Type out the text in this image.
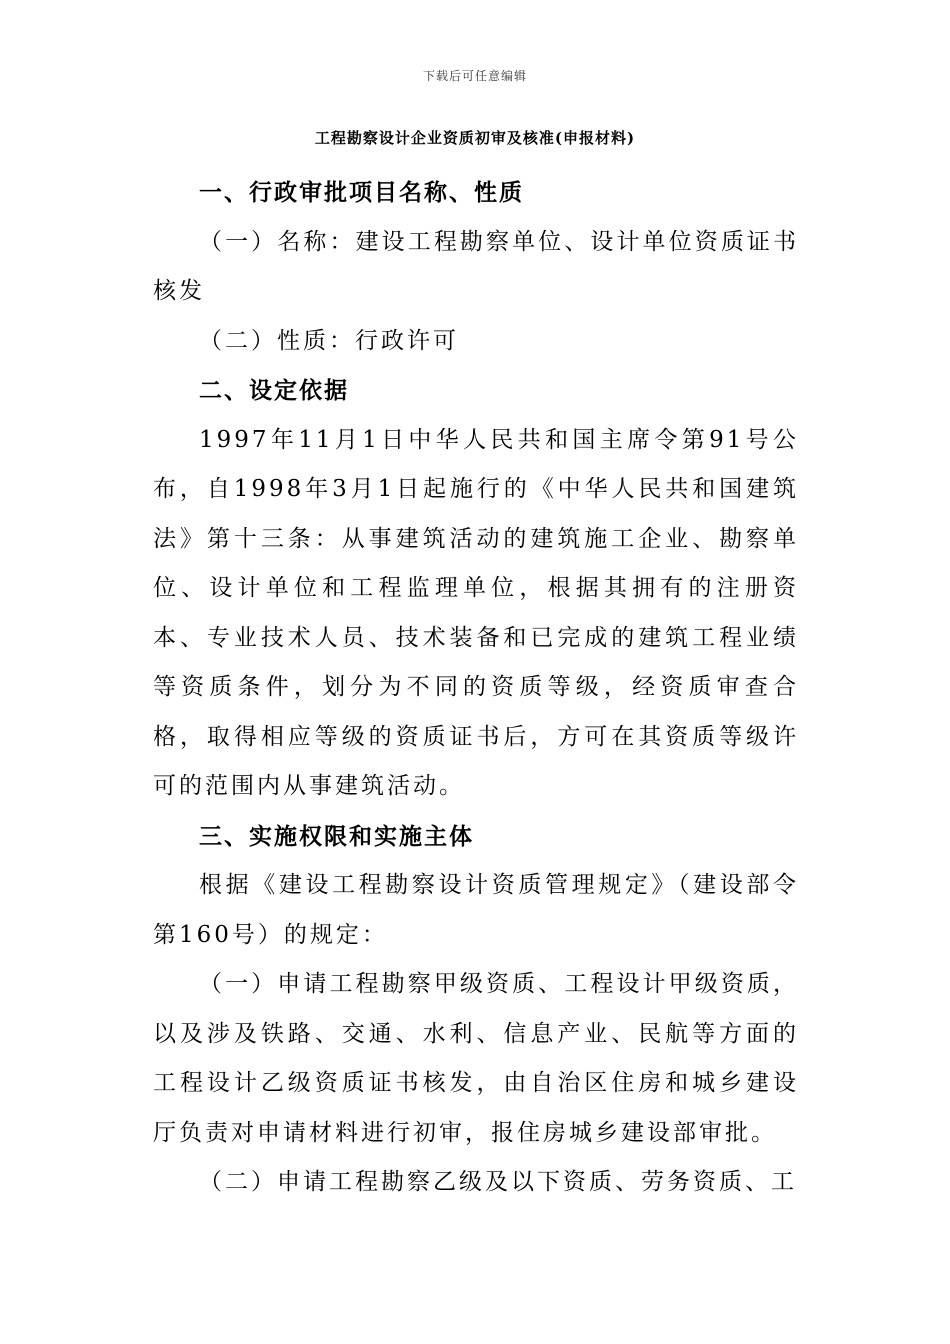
下载后可任意编辑
工程勘察设计企业资质初审及核准(申报材料)
一、行政审批项目名称、性质

（一）名称：建设工程勘察单位、设计单位资质证书核发

（二）性质：行政许可

二、设定依据

1997年11月1日中华人民共和国主席令第91号公布，自1998年3月1日起施行的《中华人民共和国建筑法》第十三条：从事建筑活动的建筑施工企业、勘察单位、设计单位和工程监理单位，根据其拥有的注册资本、专业技术人员、技术装备和已完成的建筑工程业绩等资质条件，划分为不同的资质等级，经资质审查合格，取得相应等级的资质证书后，方可在其资质等级许可的范围内从事建筑活动。

三、实施权限和实施主体

根据《建设工程勘察设计资质管理规定》（建设部令第160号）的规定：

（一）申请工程勘察甲级资质、工程设计甲级资质，以及涉及铁路、交通、水利、信息产业、民航等方面的工程设计乙级资质证书核发，由自治区住房和城乡建设厅负责对申请材料进行初审，报住房城乡建设部审批。

（二）申请工程勘察乙级及以下资质、劳务资质、工
